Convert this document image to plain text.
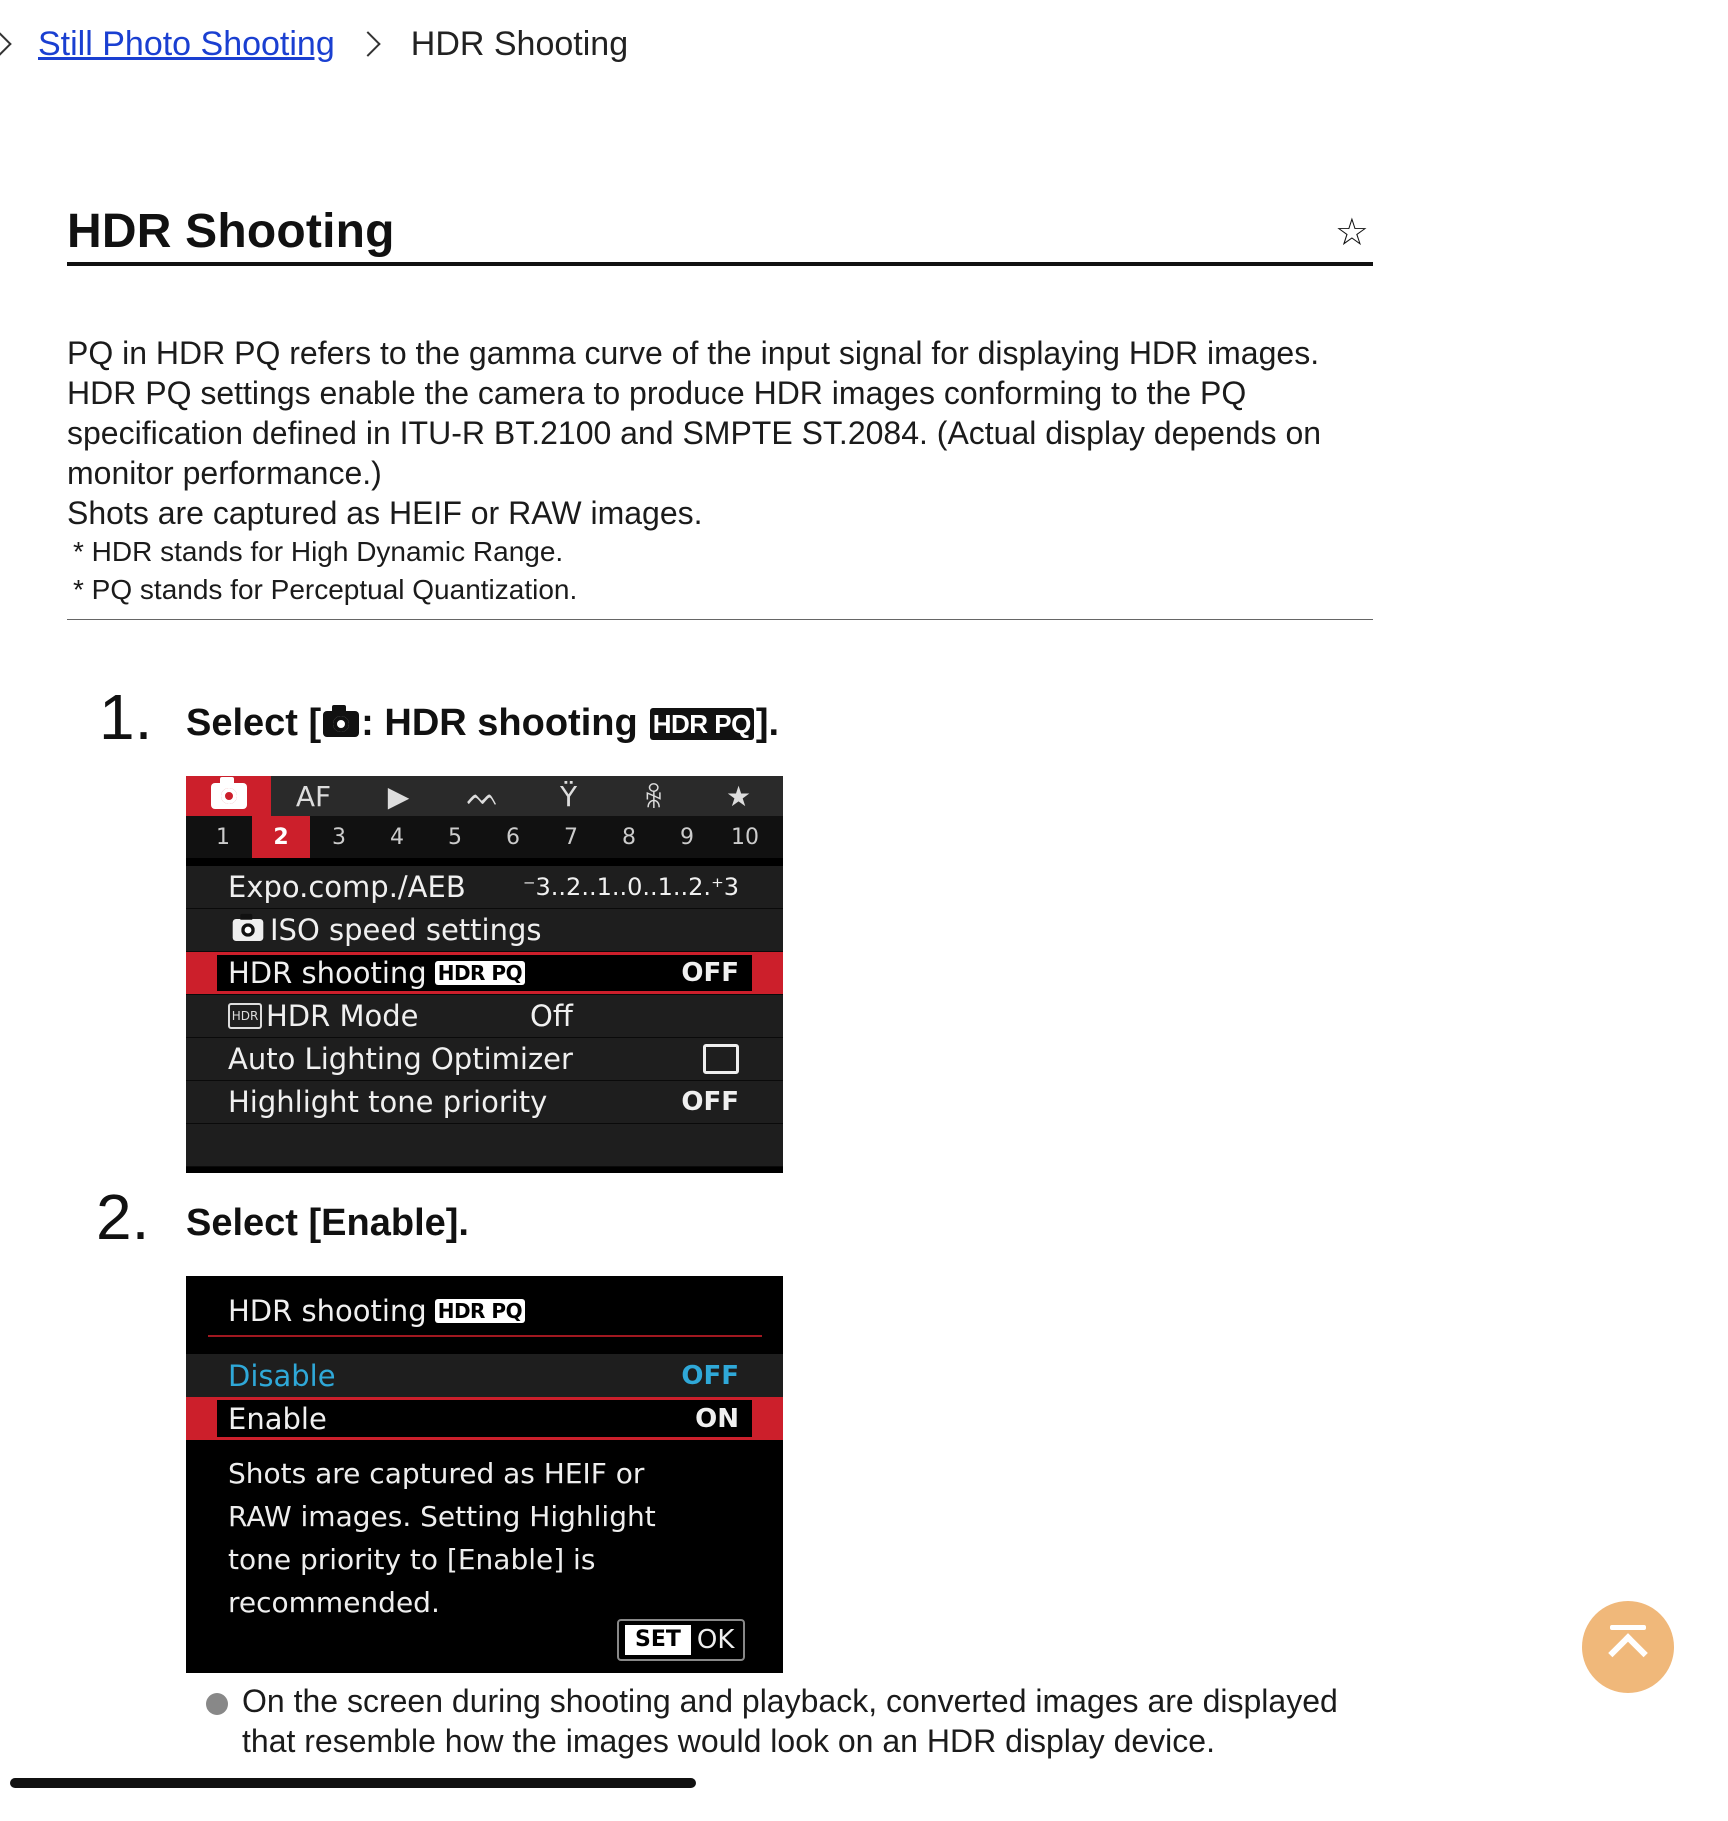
Still Photo Shooting HDR Shooting
HDR Shooting	☆

PQ in HDR PQ refers to the gamma curve of the input signal for displaying HDR images. HDR PQ settings enable the camera to produce HDR images conforming to the PQ specification defined in ITU-R BT.2100 and SMPTE ST.2084. (Actual display depends on monitor performance.)

Shots are captured as HEIF or RAW images.

* HDR stands for High Dynamic Range.

* PQ stands for Perceptual Quantization.

1. Select [ : HDR shooting HDR PQ ].
AF	▶	ᨓ	Ϋ	ꆜ	★
1	2	3	4	5	6	7	8	9	10
Expo.comp./AEB ⁻3..2..1..0..1..2.⁺3
ISO speed settings
HDR shooting HDR PQ	OFF
HDR HDR Mode	Off
Auto Lighting Optimizer
Highlight tone priority	OFF
2. Select [Enable].
HDR shooting HDR PQ
Disable	OFF
Enable	ON
Shots are captured as HEIF or RAW images. Setting Highlight tone priority to [Enable] is recommended.
SET OK
On the screen during shooting and playback, converted images are displayed that resemble how the images would look on an HDR display device.
